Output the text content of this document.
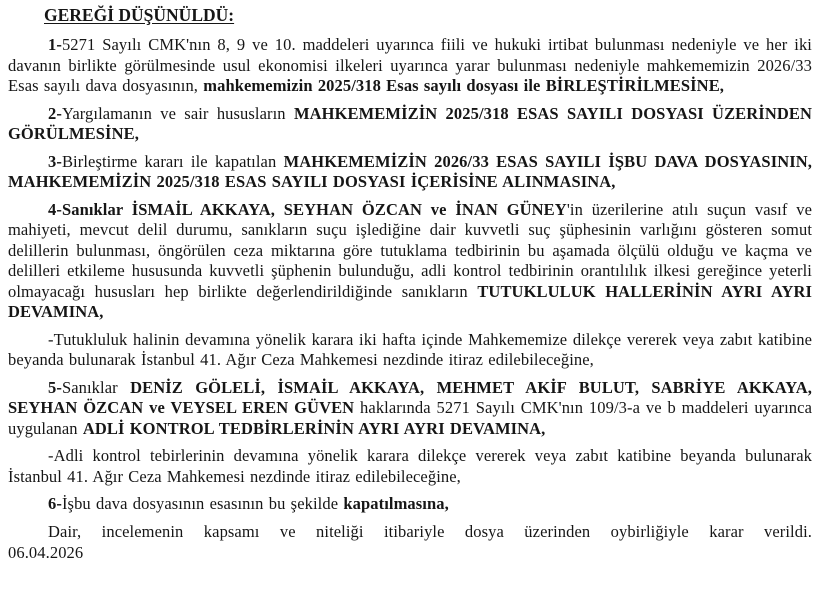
GEREĞİ DÜŞÜNÜLDÜ:

1-5271 Sayılı CMK'nın 8, 9 ve 10. maddeleri uyarınca fiili ve hukuki irtibat bulunması nedeniyle ve her iki davanın birlikte görülmesinde usul ekonomisi ilkeleri uyarınca yarar bulunması nedeniyle mahkememizin 2026/33 Esas sayılı dava dosyasının, mahkememizin 2025/318 Esas sayılı dosyası ile BİRLEŞTİRİLMESİNE,

2-Yargılamanın ve sair hususların MAHKEMEMİZİN 2025/318 ESAS SAYILI DOSYASI ÜZERİNDEN GÖRÜLMESİNE,

3-Birleştirme kararı ile kapatılan MAHKEMEMİZİN 2026/33 ESAS SAYILI İŞBU DAVA DOSYASININ, MAHKEMEMİZİN 2025/318 ESAS SAYILI DOSYASI İÇERİSİNE ALINMASINA,

4-Sanıklar İSMAİL AKKAYA, SEYHAN ÖZCAN ve İNAN GÜNEY'in üzerilerine atılı suçun vasıf ve mahiyeti, mevcut delil durumu, sanıkların suçu işlediğine dair kuvvetli suç şüphesinin varlığını gösteren somut delillerin bulunması, öngörülen ceza miktarına göre tutuklama tedbirinin bu aşamada ölçülü olduğu ve kaçma ve delilleri etkileme hususunda kuvvetli şüphenin bulunduğu, adli kontrol tedbirinin orantılılık ilkesi gereğince yeterli olmayacağı hususları hep birlikte değerlendirildiğinde sanıkların TUTUKLULUK HALLERİNİN AYRI AYRI DEVAMINA,

-Tutukluluk halinin devamına yönelik karara iki hafta içinde Mahkememize dilekçe vererek veya zabıt katibine beyanda bulunarak İstanbul 41. Ağır Ceza Mahkemesi nezdinde itiraz edilebileceğine,

5-Sanıklar DENİZ GÖLELİ, İSMAİL AKKAYA, MEHMET AKİF BULUT, SABRİYE AKKAYA, SEYHAN ÖZCAN ve VEYSEL EREN GÜVEN haklarında 5271 Sayılı CMK'nın 109/3-a ve b maddeleri uyarınca uygulanan ADLİ KONTROL TEDBİRLERİNİN AYRI AYRI DEVAMINA,

-Adli kontrol tebirlerinin devamına yönelik karara dilekçe vererek veya zabıt katibine beyanda bulunarak İstanbul 41. Ağır Ceza Mahkemesi nezdinde itiraz edilebileceğine,

6-İşbu dava dosyasının esasının bu şekilde kapatılmasına,

Dair, incelemenin kapsamı ve niteliği itibariyle dosya üzerinden oybirliğiyle karar verildi.

06.04.2026
